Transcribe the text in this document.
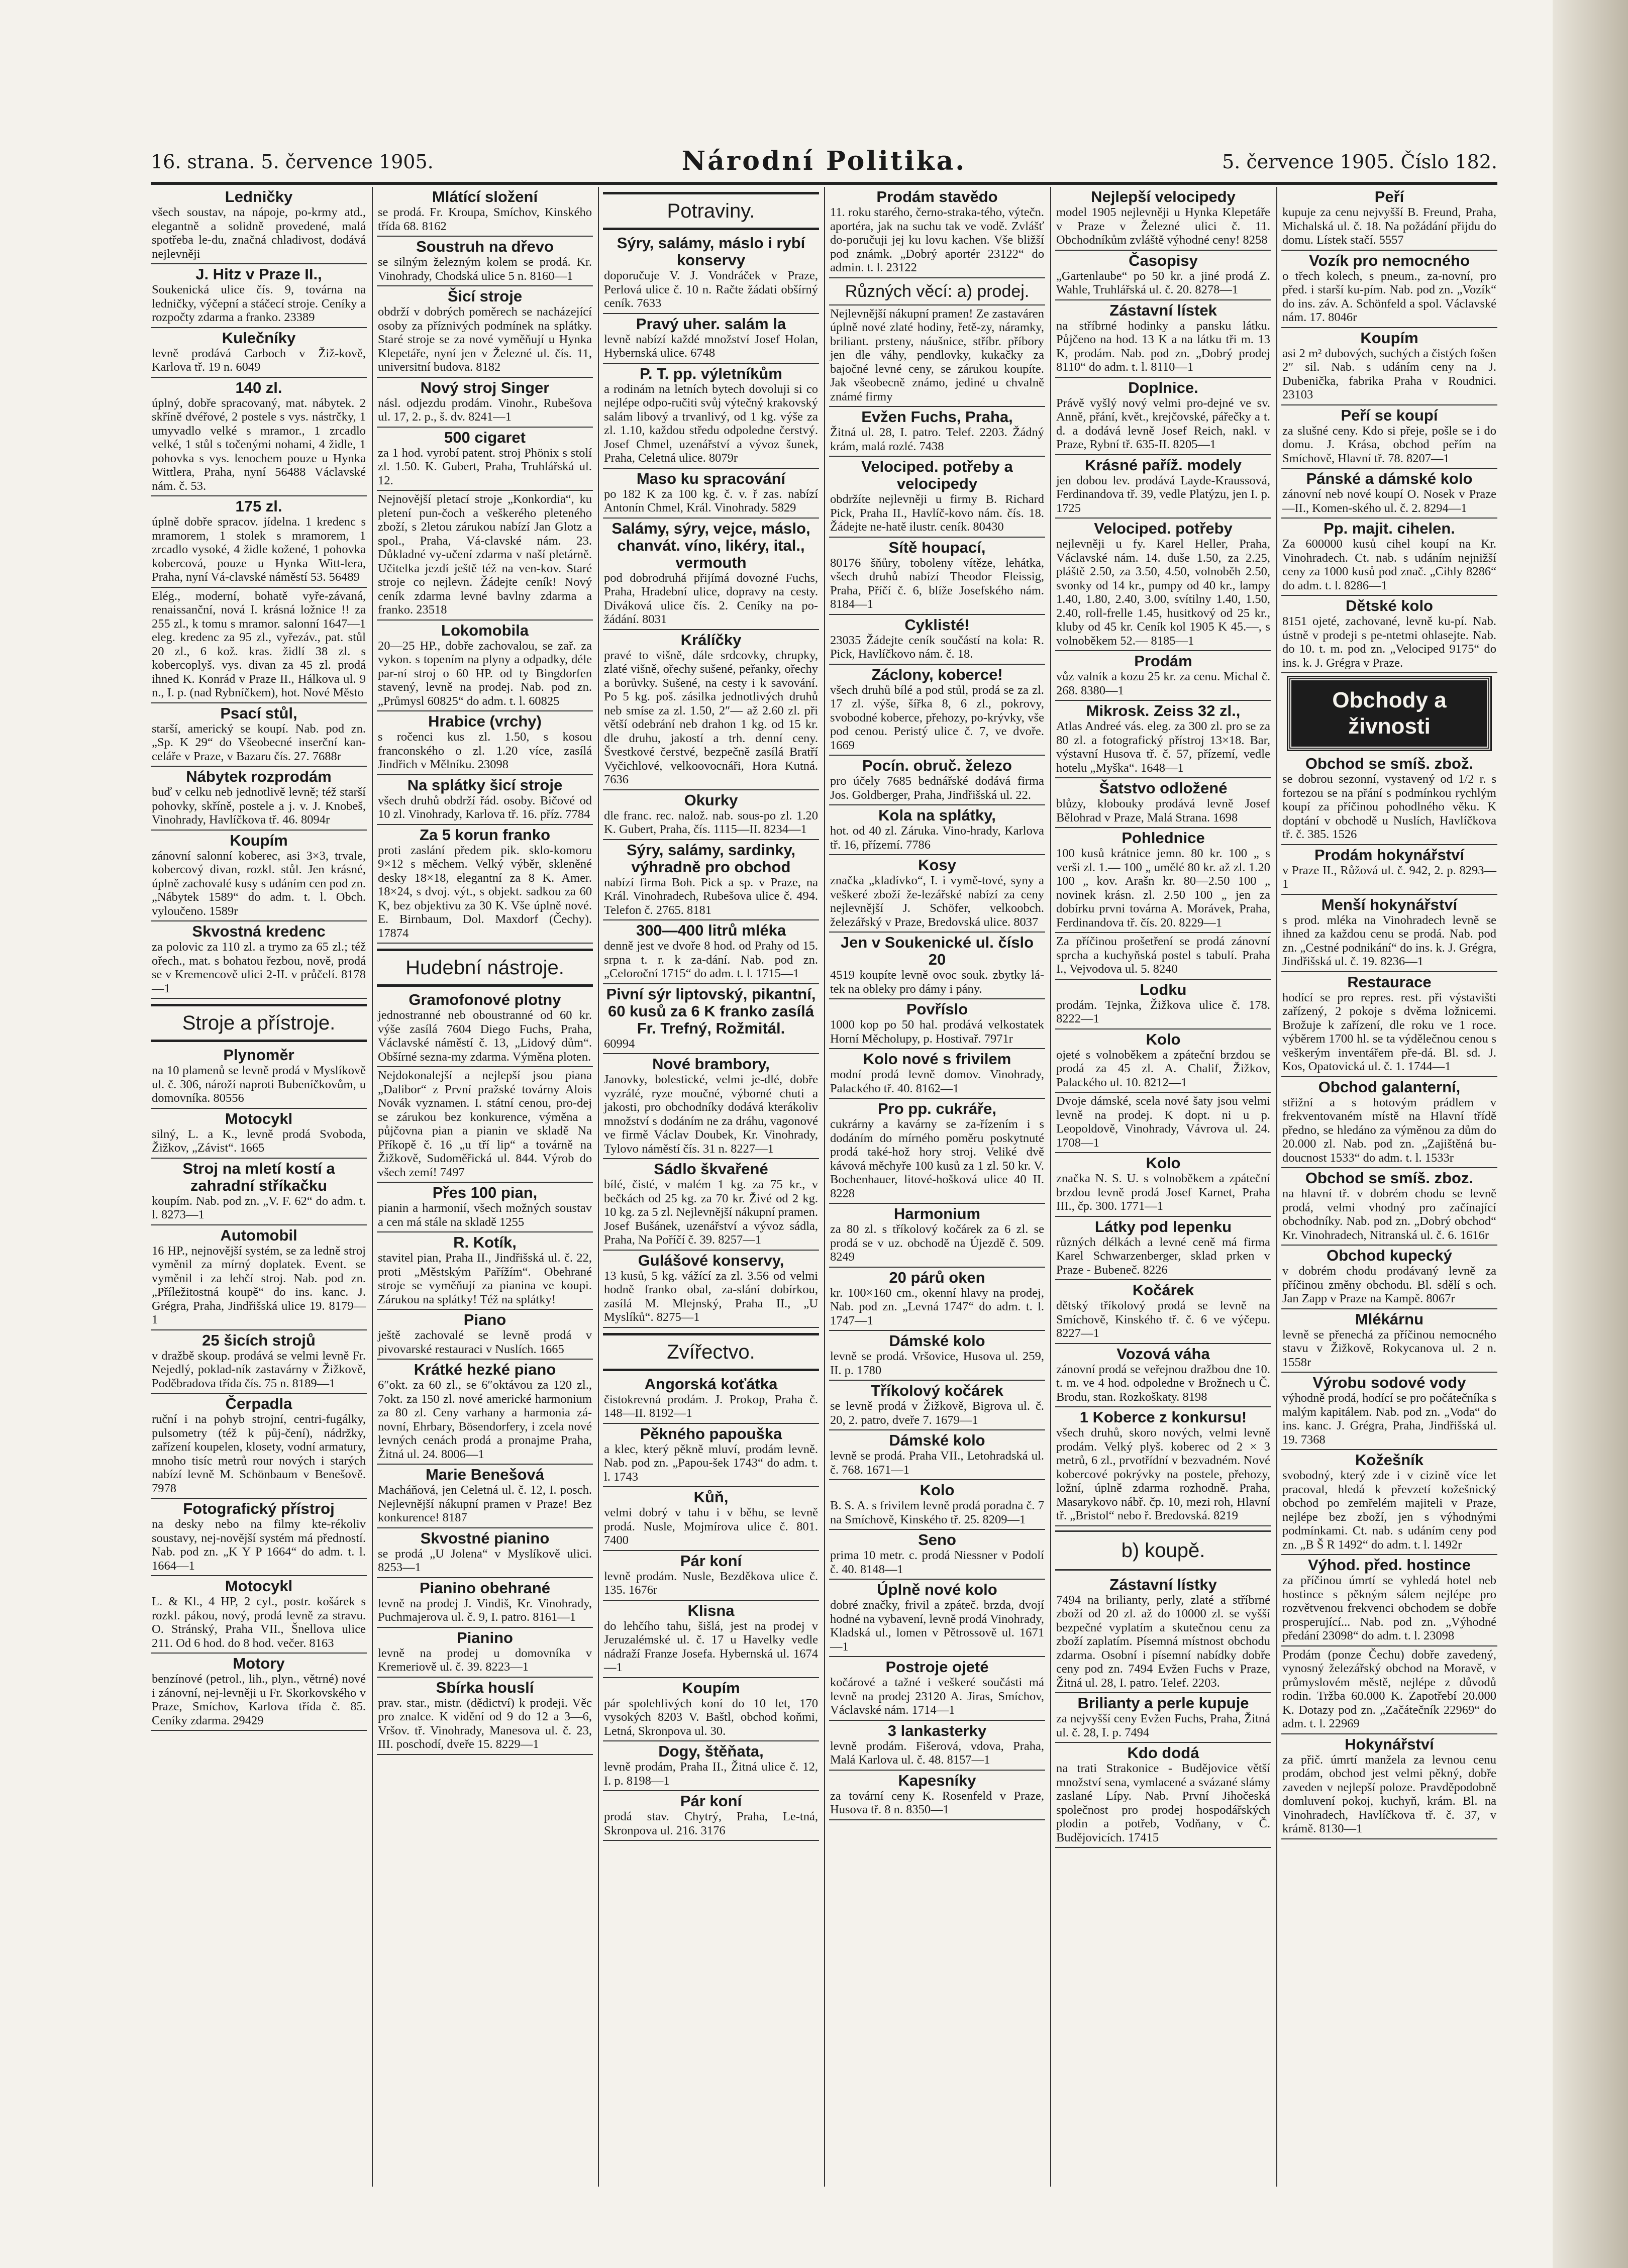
16. strana. 5. července 1905.	Národní Politika.	5. července 1905. Číslo 182.
Ledničky

všech soustav, na nápoje, po-krmy atd., elegantně a solidně provedené, malá spotřeba le-du, značná chladivost, dodává nejlevněji

J. Hitz v Praze II.,

Soukenická ulice čís. 9, továrna na ledničky, výčepní a stáčecí stroje. Ceníky a rozpočty zdarma a franko. 23389

Kulečníky

levně prodává Carboch v Žiž-kově, Karlova tř. 19 n. 6049

140 zl.

úplný, dobře spracovaný, mat. nábytek. 2 skříně dvéřové, 2 postele s vys. nástrčky, 1 umyvadlo velké s mramor., 1 zrcadlo velké, 1 stůl s točenými nohami, 4 židle, 1 pohovka s vys. lenochem pouze u Hynka Wittlera, Praha, nyní 56488 Václavské nám. č. 53.

175 zl.

úplně dobře spracov. jídelna. 1 kredenc s mramorem, 1 stolek s mramorem, 1 zrcadlo vysoké, 4 židle kožené, 1 pohovka kobercová, pouze u Hynka Witt-lera, Praha, nyní Vá-clavské náměstí 53. 56489

Elég., moderní, bohatě vyře-závaná, renaissanční, nová I. krásná ložnice !! za 255 zl., k tomu s mramor. salonní 1647—1 eleg. kredenc za 95 zl., vyřezáv., pat. stůl 20 zl., 6 kož. kras. židlí 38 zl. s kobercoplyš. vys. divan za 45 zl. prodá ihned K. Konrád v Praze II., Hálkova ul. 9 n., I. p. (nad Rybníčkem), hot. Nové Město

Psací stůl,

starší, americký se koupí. Nab. pod zn. „Sp. K 29“ do Všeobecné inserční kan-celáře v Praze, v Bazaru čís. 27. 7688r

Nábytek rozprodám

buď v celku neb jednotlivě levně; též starší pohovky, skříně, postele a j. v. J. Knobeš, Vinohrady, Havlíčkova tř. 46. 8094r

Koupím

zánovní salonní koberec, asi 3×3, trvale, kobercový divan, rozkl. stůl. Jen krásné, úplně zachovalé kusy s udáním cen pod zn. „Nábytek 1589“ do adm. t. l. Obch. vyloučeno. 1589r

Skvostná kredenc

za polovic za 110 zl. a trymo za 65 zl.; též ořech., mat. s bohatou řezbou, nově, prodá se v Kremencově ulici 2-II. v průčelí. 8178—1

Stroje a přístroje.
Plynoměr

na 10 plamenů se levně prodá v Myslíkově ul. č. 306, nároží naproti Bubeníčkovům, u domovníka. 80556

Motocykl

silný, L. a K., levně prodá Svoboda, Žižkov, „Závist“. 1665

Stroj na mletí kostí a zahradní stříkačku

koupím. Nab. pod zn. „V. F. 62“ do adm. t. l. 8273—1

Automobil

16 HP., nejnovější systém, se za ledně stroj vyměnil za mírný doplatek. Event. se vyměnil i za lehčí stroj. Nab. pod zn. „Příležitostná koupě“ do ins. kanc. J. Grégra, Praha, Jindřišská ulice 19. 8179—1

25 šicích strojů

v dražbě skoup. prodává se velmi levně Fr. Nejedlý, poklad-ník zastavárny v Žižkově, Poděbradova třída čís. 75 n. 8189—1

Čerpadla

ruční i na pohyb strojní, centri-fugálky, pulsometry (též k půj-čení), nádržky, zařízení koupelen, klosety, vodní armatury, mnoho tisíc metrů rour nových i starých nabízí levně M. Schönbaum v Benešově. 7978

Fotografický přístroj

na desky nebo na filmy kte-rékoliv soustavy, nej-novější systém má předností. Nab. pod zn. „K Y P 1664“ do adm. t. l. 1664—1

Motocykl

L. & Kl., 4 HP, 2 cyl., postr. košárek s rozkl. pákou, nový, prodá levně za stravu. O. Stránský, Praha VII., Šnellova ulice 211. Od 6 hod. do 8 hod. večer. 8163

Motory

benzínové (petrol., lih., plyn., větrné) nové i zánovní, nej-levněji u Fr. Skorkovského v Praze, Smíchov, Karlova třída č. 85. Ceníky zdarma. 29429

Mlátící složení

se prodá. Fr. Kroupa, Smíchov, Kinského třída 68. 8162

Soustruh na dřevo

se silným železným kolem se prodá. Kr. Vinohrady, Chodská ulice 5 n. 8160—1

Šicí stroje

obdrží v dobrých poměrech se nacházející osoby za příznivých podmínek na splátky. Staré stroje se za nové vyměňují u Hynka Klepetáře, nyní jen v Železné ul. čís. 11, universitní budova. 8182

Nový stroj Singer

násl. odjezdu prodám. Vinohr., Rubešova ul. 17, 2. p., š. dv. 8241—1

500 cigaret

za 1 hod. vyrobí patent. stroj Phönix s stolí zl. 1.50. K. Gubert, Praha, Truhlářská ul. 12.

Nejnovější pletací stroje „Konkordia“, ku pletení pun-čoch a veškerého pleteného zboží, s 2letou zárukou nabízí Jan Glotz a spol., Praha, Vá-clavské nám. 23. Důkladné vy-učení zdarma v naší pletárně. Učitelka jezdí ještě též na ven-kov. Staré stroje co nejlevn. Žádejte ceník! Nový ceník zdarma levné bavlny zdarma a franko. 23518

Lokomobila

20—25 HP., dobře zachovalou, se zař. za vykon. s topením na plyny a odpadky, déle par-ní stroj o 60 HP. od ty Bingdorfen stavený, levně na prodej. Nab. pod zn. „Průmysl 60825“ do adm. t. l. 60825

Hrabice (vrchy)

s ročenci kus zl. 1.50, s kosou franconského o zl. 1.20 více, zasílá Jindřich v Mělníku. 23098

Na splátky šicí stroje

všech druhů obdrží řád. osoby. Bičové od 10 zl. Vinohrady, Karlova tř. 16. příz. 7784

Za 5 korun franko

proti zaslání předem pik. sklo-komoru 9×12 s měchem. Velký výběr, skleněné desky 18×18, elegantní za 8 K. Amer. 18×24, s dvoj. výt., s objekt. sadkou za 60 K, bez objektivu za 30 K. Vše úplně nové. E. Birnbaum, Dol. Maxdorf (Čechy). 17874

Hudební nástroje.
Gramofonové plotny

jednostranné neb oboustranné od 60 kr. výše zasílá 7604 Diego Fuchs, Praha, Václavské náměstí č. 13, „Lidový dům“. Obšírné sezna-my zdarma. Výměna ploten.

Nejdokonalejší a nejlepší jsou piana „Dalibor“ z První pražské továrny Alois Novák vyznamen. I. státní cenou, pro-dej se zárukou bez konkurence, výměna a půjčovna pian a pianin ve skladě Na Příkopě č. 16 „u tří lip“ a továrně na Žižkově, Sudoměřická ul. 844. Výrob do všech zemí! 7497

Přes 100 pian,

pianin a harmonií, všech možných soustav a cen má stále na skladě 1255

R. Kotík,

stavitel pian, Praha II., Jindřišská ul. č. 22, proti „Městským Pařížím“. Obehrané stroje se vyměňují za pianina ve koupi. Zárukou na splátky! Též na splátky!

Piano

ještě zachovalé se levně prodá v pivovarské restauraci v Nuslích. 1665

Krátké hezké piano

6″okt. za 60 zl., se 6″oktávou za 120 zl., 7okt. za 150 zl. nové americké harmonium za 80 zl. Ceny varhany a harmonia zá-novní, Ehrbary, Bösendorfery, i zcela nové levných cenách prodá a pronajme Praha, Žitná ul. 24. 8006—1

Marie Benešová

Macháňová, jen Celetná ul. č. 12, I. posch. Nejlevnější nákupní pramen v Praze! Bez konkurence! 8187

Skvostné pianino

se prodá „U Jolena“ v Myslíkově ulici. 8253—1

Pianino obehrané

levně na prodej J. Vindiš, Kr. Vinohrady, Puchmajerova ul. č. 9, I. patro. 8161—1

Pianino

levně na prodej u domovníka v Kremeriově ul. č. 39. 8223—1

Sbírka houslí

prav. star., mistr. (dědictví) k prodeji. Věc pro znalce. K vidění od 9 do 12 a 3—6, Vršov. tř. Vinohrady, Manesova ul. č. 23, III. poschodí, dveře 15. 8229—1

Potraviny.
Sýry, salámy, máslo i rybí konservy

doporučuje V. J. Vondráček v Praze, Perlová ulice č. 10 n. Račte žádati obšírný ceník. 7633

Pravý uher. salám la

levně nabízí každé množství Josef Holan, Hybernská ulice. 6748

P. T. pp. výletníkům

a rodinám na letních bytech dovoluji si co nejlépe odpo-ručiti svůj výtečný krakovský salám libový a trvanlivý, od 1 kg. výše za zl. 1.10, každou středu odpoledne čerstvý. Josef Chmel, uzenářství a vývoz šunek, Praha, Celetná ulice. 8079r

Maso ku spracování

po 182 K za 100 kg. č. v. ř zas. nabízí Antonín Chmel, Král. Vinohrady. 5829

Salámy, sýry, vejce, máslo, chanvát. víno, likéry, ital., vermouth

pod dobrodruhá přijímá dovozné Fuchs, Praha, Hradební ulice, dopravy na cesty. Diváková ulice čís. 2. Ceníky na po-žádání. 8031

Králíčky

pravé to višně, dále srdcovky, chrupky, zlaté višně, ořechy sušené, peřanky, ořechy a borůvky. Sušené, na cesty i k savování. Po 5 kg. poš. zásilka jednotlivých druhů neb smíse za zl. 1.50, 2″— až 2.60 zl. při větší odebrání neb drahon 1 kg. od 15 kr. dle druhu, jakostí a trh. denní ceny. Švestkové čerstvé, bezpečně zasílá Bratří Vyčichlové, velkoovocnáři, Hora Kutná. 7636

Okurky

dle franc. rec. nalož. nab. sous-po zl. 1.20 K. Gubert, Praha, čís. 1115—II. 8234—1

Sýry, salámy, sardinky, výhradně pro obchod

nabízí firma Boh. Pick a sp. v Praze, na Král. Vinohradech, Rubešova ulice č. 494. Telefon č. 2765. 8181

300—400 litrů mléka

denně jest ve dvoře 8 hod. od Prahy od 15. srpna t. r. k za-dání. Nab. pod zn. „Celoroční 1715“ do adm. t. l. 1715—1

Pivní sýr liptovský, pikantní, 60 kusů za 6 K franko zasílá Fr. Trefný, Rožmitál.

60994

Nové brambory,

Janovky, bolestické, velmi je-dlé, dobře vyzrálé, ryze moučné, výborné chuti a jakosti, pro obchodníky dodává kterákoliv množství s dodáním ne za dráhu, vagonové ve firmě Václav Doubek, Kr. Vinohrady, Tylovo náměstí čís. 31 n. 8227—1

Sádlo škvařené

bílé, čisté, v malém 1 kg. za 75 kr., v bečkách od 25 kg. za 70 kr. Živé od 2 kg. 10 kg. za 5 zl. Nejlevnější nákupní pramen. Josef Bušánek, uzenářství a vývoz sádla, Praha, Na Poříčí č. 39. 8257—1

Gulášové konservy,

13 kusů, 5 kg. vážící za zl. 3.56 od velmi hodně franko obal, za-slání dobírkou, zasílá M. Mlejnský, Praha II., „U Myslíků“. 8275—1

Zvířectvo.
Angorská koťátka

čistokrevná prodám. J. Prokop, Praha č. 148—II. 8192—1

Pěkného papouška

a klec, který pěkně mluví, prodám levně. Nab. pod zn. „Papou-šek 1743“ do adm. t. l. 1743

Kůň,

velmi dobrý v tahu i v běhu, se levně prodá. Nusle, Mojmírova ulice č. 801. 7400

Pár koní

levně prodám. Nusle, Bezděkova ulice č. 135. 1676r

Klisna

do lehčího tahu, šišlá, jest na prodej v Jeruzalémské ul. č. 17 u Havelky vedle nádraží Franze Josefa. Hybernská ul. 1674—1

Koupím

pár spolehlivých koní do 10 let, 170 vysokých 8203 V. Baštl, obchod koňmi, Letná, Skronpova ul. 30.

Dogy, štěňata,

levně prodám, Praha II., Žitná ulice č. 12, I. p. 8198—1

Pár koní

prodá stav. Chytrý, Praha, Le-tná, Skronpova ul. 216. 3176

Prodám stavědo

11. roku starého, černo-straka-tého, výtečn. aportéra, jak na suchu tak ve vodě. Zvlášť do-poručuji jej ku lovu kachen. Vše bližší pod známk. „Dobrý aportér 23122“ do admin. t. l. 23122

Různých věcí: a) prodej.

Nejlevnější nákupní pramen! Ze zastaváren úplně nové zlaté hodiny, řetě-zy, náramky, briliant. prsteny, náušnice, stříbr. příbory jen dle váhy, pendlovky, kukačky za bajočné levné ceny, se zárukou koupíte. Jak všeobecně známo, jediné u chvalně známé firmy

Evžen Fuchs, Praha,

Žitná ul. 28, I. patro. Telef. 2203. Žádný krám, malá rozlé. 7438

Velociped. potřeby a velocipedy

obdržíte nejlevněji u firmy B. Richard Pick, Praha II., Havlíč-kovo nám. čís. 18. Žádejte ne-hatě ilustr. ceník. 80430

Sítě houpací,

80176 šňůry, toboleny vítěze, lehátka, všech druhů nabízí Theodor Fleissig, Praha, Příčí č. 6, blíže Josefského nám. 8184—1

Cyklisté!

23035 Žádejte ceník součástí na kola: R. Pick, Havlíčkovo nám. č. 18.

Záclony, koberce!

všech druhů bílé a pod stůl, prodá se za zl. 17 zl. výše, šířka 8, 6 zl., pokrovy, svobodné koberce, přehozy, po-krývky, vše pod cenou. Peristý ulice č. 7, ve dvoře. 1669

Pocín. obruč. železo

pro účely 7685 bednářské dodává firma Jos. Goldberger, Praha, Jindřišská ul. 22.

Kola na splátky,

hot. od 40 zl. Záruka. Vino-hrady, Karlova tř. 16, přízemí. 7786

Kosy

značka „kladívko“, I. i vymě-tové, syny a veškeré zboží že-lezářské nabízí za ceny nejlevnější J. Schöfer, velkoobch. železářský v Praze, Bredovská ulice. 8037

Jen v Soukenické ul. číslo 20

4519 koupíte levně ovoc souk. zbytky lá-tek na obleky pro dámy i pány.

Povříslo

1000 kop po 50 hal. prodává velkostatek Horní Měcholupy, p. Hostivař. 7971r

Kolo nové s frivilem

modní prodá levně domov. Vinohrady, Palackého tř. 40. 8162—1

Pro pp. cukráře,

cukrárny a kavárny se za-řízením i s dodáním do mírného poměru poskytnuté prodá také-hož hory stroj. Veliké dvě kávová měchyře 100 kusů za 1 zl. 50 kr. V. Bochenhauer, litové-hošková ulice 40 II. 8228

Harmonium

za 80 zl. s tříkolový kočárek za 6 zl. se prodá se v uz. obchodě na Újezdě č. 509. 8249

20 párů oken

kr. 100×160 cm., okenní hlavy na prodej, Nab. pod zn. „Levná 1747“ do adm. t. l. 1747—1

Dámské kolo

levně se prodá. Vršovice, Husova ul. 259, II. p. 1780

Tříkolový kočárek

se levně prodá v Žižkově, Bigrova ul. č. 20, 2. patro, dveře 7. 1679—1

Dámské kolo

levně se prodá. Praha VII., Letohradská ul. č. 768. 1671—1

Kolo

B. S. A. s frivilem levně prodá poradna č. 7 na Smíchově, Kinského tř. 25. 8209—1

Seno

prima 10 metr. c. prodá Niessner v Podolí č. 40. 8148—1

Úplně nové kolo

dobré značky, frivil a zpáteč. brzda, dvojí hodné na vybavení, levně prodá Vinohrady, Kladská ul., lomen v Pětrossově ul. 1671—1

Postroje ojeté

kočárové a tažné i veškeré součásti má levně na prodej 23120 A. Jiras, Smíchov, Václavské nám. 1714—1

3 lankasterky

levně prodám. Fišerová, vdova, Praha, Malá Karlova ul. č. 48. 8157—1

Kapesníky

za tovární ceny K. Rosenfeld v Praze, Husova tř. 8 n. 8350—1

Nejlepší velocipedy

model 1905 nejlevněji u Hynka Klepetáře v Praze v Železné ulici č. 11. Obchodníkům zvláště výhodné ceny! 8258

Časopisy

„Gartenlaube“ po 50 kr. a jiné prodá Z. Wahle, Truhlářská ul. č. 20. 8278—1

Zástavní lístek

na stříbrné hodinky a pansku látku. Půjčeno na hod. 13 K a na látku tři m. 13 K, prodám. Nab. pod zn. „Dobrý prodej 8110“ do adm. t. l. 8110—1

Doplnice.

Právě vyšlý nový velmi pro-dejné ve sv. Anně, přání, květ., krejčovské, pářečky a t. d. a dodává levně Josef Reich, nakl. v Praze, Rybní tř. 635-II. 8205—1

Krásné paříž. modely

jen dobou lev. prodává Layde-Kraussová, Ferdinandova tř. 39, vedle Platýzu, jen I. p. 1725

Velociped. potřeby

nejlevněji u fy. Karel Heller, Praha, Václavské nám. 14. duše 1.50, za 2.25, pláště 2.50, za 3.50, 4.50, volnoběh 2.50, svonky od 14 kr., pumpy od 40 kr., lampy 1.40, 1.80, 2.40, 3.00, svítilny 1.40, 1.50, 2.40, roll-frelle 1.45, husitkový od 25 kr., kluby od 45 kr. Ceník kol 1905 K 45.—, s volnoběkem 52.— 8185—1

Prodám

vůz valník a kozu 25 kr. za cenu. Michal č. 268. 8380—1

Mikrosk. Zeiss 32 zl.,

Atlas Andreé vás. eleg. za 300 zl. pro se za 80 zl. a fotografický přístroj 13×18. Bar, výstavní Husova tř. č. 57, přízemí, vedle hotelu „Myška“. 1648—1

Šatstvo odložené

blůzy, klobouky prodává levně Josef Bělohrad v Praze, Malá Strana. 1698

Pohlednice

100 kusů krátnice jemn. 80 kr. 100 „ s verši zl. 1.— 100 „ umělé 80 kr. až zl. 1.20 100 „ kov. Arašn kr. 80—2.50 100 „ novinek krásn. zl. 2.50 100 „ jen za dobírku prvni továrna A. Morávek, Praha, Ferdinandova tř. čís. 20. 8229—1

Za příčinou prošetření se prodá zánovní sprcha a kuchyňská postel s tabulí. Praha I., Vejvodova ul. 5. 8240

Lodku

prodám. Tejnka, Žižkova ulice č. 178. 8222—1

Kolo

ojeté s volnoběkem a zpáteční brzdou se prodá za 45 zl. A. Chalif, Žižkov, Palackého ul. 10. 8212—1

Dvoje dámské, scela nové šaty jsou velmi levně na prodej. K dopt. ni u p. Leopoldově, Vinohrady, Vávrova ul. 24. 1708—1

Kolo

značka N. S. U. s volnoběkem a zpáteční brzdou levně prodá Josef Karnet, Praha III., čp. 300. 1771—1

Látky pod lepenku

různých délkách a levné ceně má firma Karel Schwarzenberger, sklad prken v Praze - Bubeneč. 8226

Kočárek

dětský tříkolový prodá se levně na Smíchově, Kinského tř. č. 6 ve výčepu. 8227—1

Vozová váha

zánovní prodá se veřejnou dražbou dne 10. t. m. ve 4 hod. odpoledne v Brožnech u Č. Brodu, stan. Rozkoškaty. 8198

1 Koberce z konkursu!

všech druhů, skoro nových, velmi levně prodám. Velký plyš. koberec od 2 × 3 metrů, 6 zl., prvotřídní v bezvadném. Nové kobercové pokrývky na postele, přehozy, ložní, úplně zdarma rozhodně. Praha, Masarykovo nábř. čp. 10, mezi roh, Hlavní tř. „Bristol“ nebo ř. Bredovská. 8219

b) koupě.
Zástavní lístky

7494 na brilianty, perly, zlaté a stříbrné zboží od 20 zl. až do 10000 zl. se vyšší bezpečné vyplatím a skutečnou cenu za zboží zaplatím. Písemná místnost obchodu zdarma. Osobní i písemní nabídky dobře ceny pod zn. 7494 Evžen Fuchs v Praze, Žitná ul. 28, I. patro. Telef. 2203.

Brilianty a perle kupuje

za nejvyšší ceny Evžen Fuchs, Praha, Žitná ul. č. 28, I. p. 7494

Kdo dodá

na trati Strakonice - Budějovice větší množství sena, vymlacené a svázané slámy zaslané Lípy. Nab. První Jihočeská společnost pro prodej hospodářských plodin a potřeb, Vodňany, v Č. Budějovicích. 17415

Peří

kupuje za cenu nejvyšší B. Freund, Praha, Michalská ul. č. 18. Na požádání přijdu do domu. Lístek stačí. 5557

Vozík pro nemocného

o třech kolech, s pneum., za-novní, pro před. i starší ku-pím. Nab. pod zn. „Vozík“ do ins. záv. A. Schönfeld a spol. Václavské nám. 17. 8046r

Koupím

asi 2 m² dubových, suchých a čistých fošen 2″ sil. Nab. s udáním ceny na J. Dubenička, fabrika Praha v Roudnici. 23103

Peří se koupí

za slušné ceny. Kdo si přeje, pošle se i do domu. J. Krása, obchod peřím na Smíchově, Hlavní tř. 78. 8207—1

Pánské a dámské kolo

zánovní neb nové koupí O. Nosek v Praze—II., Komen-ského ul. č. 2. 8294—1

Pp. majit. cihelen.

Za 600000 kusů cihel koupí na Kr. Vinohradech. Ct. nab. s udáním nejnižší ceny za 1000 kusů pod znač. „Cihly 8286“ do adm. t. l. 8286—1

Dětské kolo

8151 ojeté, zachované, levně ku-pí. Nab. ústně v prodeji s pe-ntetmi ohlasejte. Nab. do 10. t. m. pod zn. „Velociped 9175“ do ins. k. J. Grégra v Praze.

Obchody a živnosti
Obchod se smíš. zbož.

se dobrou sezonní, vystavený od 1/2 r. s fortezou se na přání s podmínkou rychlým koupí za příčinou pohodlného věku. K doptání v obchodě u Nuslích, Havlíčkova tř. č. 385. 1526

Prodám hokynářství

v Praze II., Růžová ul. č. 942, 2. p. 8293—1

Menší hokynářství

s prod. mléka na Vinohradech levně se ihned za každou cenu se prodá. Nab. pod zn. „Cestné podnikání“ do ins. k. J. Grégra, Jindřišská ul. č. 19. 8236—1

Restaurace

hodící se pro repres. rest. při výstavišti zařízený, 2 pokoje s dvěma ložnicemi. Brožuje k zařízení, dle roku ve 1 roce. výběrem 1700 hl. se ta výdělečnou cenou s veškerým inventářem pře-dá. Bl. sd. J. Kos, Opatovická ul. č. 1. 1744—1

Obchod galanterní,

střižní a s hotovým prádlem v frekventovaném místě na Hlavní třídě předno, se hledáno za výměnou za dům do 20.000 zl. Nab. pod zn. „Zajištěná bu-doucnost 1533“ do adm. t. l. 1533r

Obchod se smíš. zboz.

na hlavní tř. v dobrém chodu se levně prodá, velmi vhodný pro začínající obchodníky. Nab. pod zn. „Dobrý obchod“ Kr. Vinohradech, Nitranská ul. č. 6. 1616r

Obchod kupecký

v dobrém chodu prodávaný levně za příčinou změny obchodu. Bl. sdělí s och. Jan Zapp v Praze na Kampě. 8067r

Mlékárnu

levně se přenechá za příčinou nemocného stavu v Žižkově, Rokycanova ul. 2 n. 1558r

Výrobu sodové vody

výhodně prodá, hodící se pro počátečníka s malým kapitálem. Nab. pod zn. „Voda“ do ins. kanc. J. Grégra, Praha, Jindřišská ul. 19. 7368

Kožešník

svobodný, který zde i v cizině více let pracoval, hledá k převzetí kožešnický obchod po zemřelém majiteli v Praze, nejlépe bez zboží, jen s výhodnými podmínkami. Ct. nab. s udáním ceny pod zn. „B Š R 1492“ do adm. t. l. 1492r

Výhod. před. hostince

za příčinou úmrtí se vyhledá hotel neb hostince s pěkným sálem nejlépe pro rozvětvenou frekvenci obchodem se dobře prosperující... Nab. pod zn. „Výhodné předání 23098“ do adm. t. l. 23098

Prodám (ponze Čechu) dobře zavedený, vynosný železářský obchod na Moravě, v průmyslovém městě, nejlépe z důvodů rodin. Tržba 60.000 K. Zapotřebí 20.000 K. Dotazy pod zn. „Začátečník 22969“ do adm. t. l. 22969

Hokynářství

za přič. úmrtí manžela za levnou cenu prodám, obchod jest velmi pěkný, dobře zaveden v nejlepší poloze. Pravděpodobně domluvení pokoj, kuchyň, krám. Bl. na Vinohradech, Havlíčkova tř. č. 37, v krámě. 8130—1
